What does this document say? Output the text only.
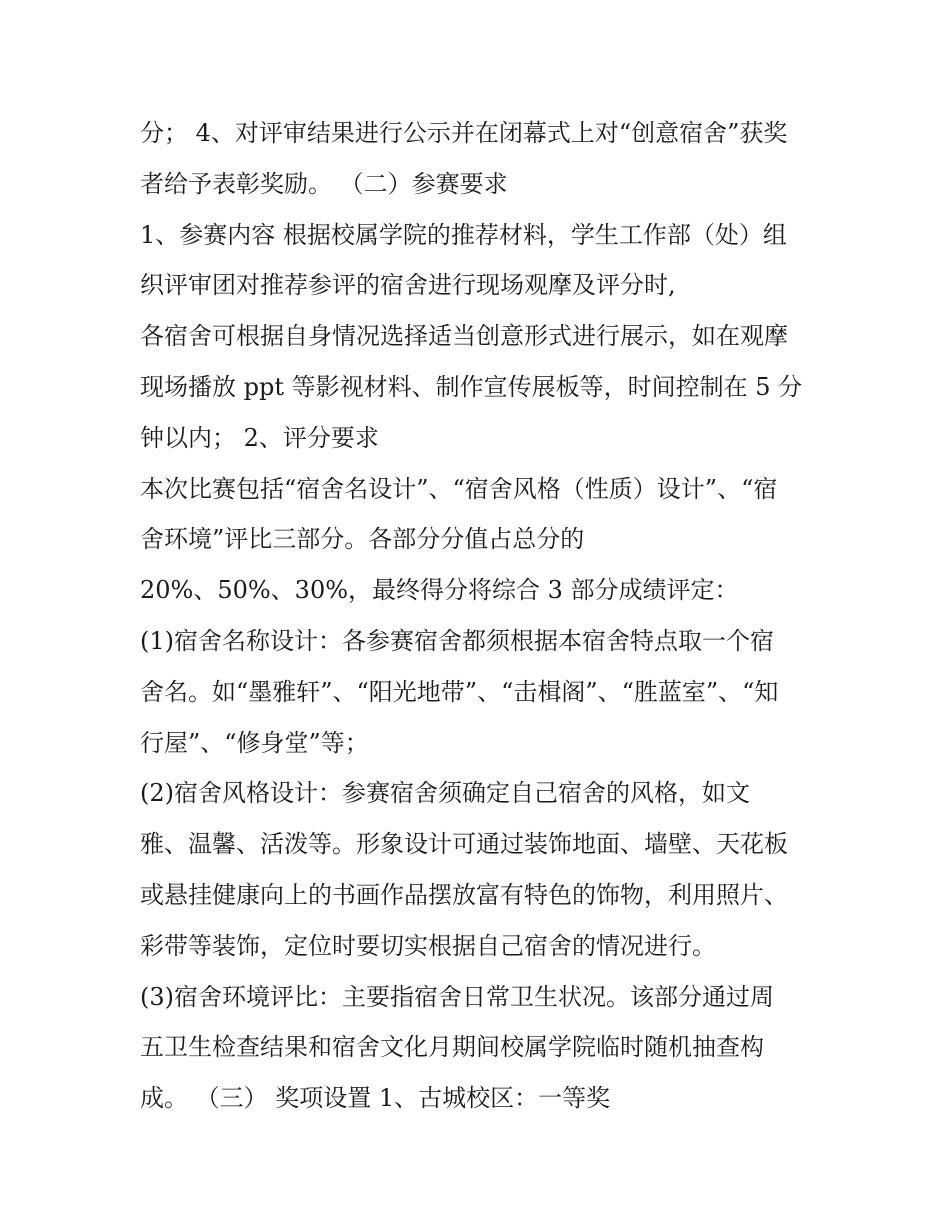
分； 4、对评审结果进行公示并在闭幕式上对“创意宿舍”获奖
者给予表彰奖励。 （二）参赛要求
1、参赛内容 根据校属学院的推荐材料，学生工作部（处）组
织评审团对推荐参评的宿舍进行现场观摩及评分时,
各宿舍可根据自身情况选择适当创意形式进行展示，如在观摩
现场播放 ppt 等影视材料、制作宣传展板等，时间控制在 5 分
钟以内； 2、评分要求
本次比赛包括“宿舍名设计”、“宿舍风格（性质）设计”、“宿
舍环境”评比三部分。各部分分值占总分的
20%、50%、30%，最终得分将综合 3 部分成绩评定：
(1)宿舍名称设计：各参赛宿舍都须根据本宿舍特点取一个宿
舍名。如“墨雅轩”、“阳光地带”、“击楫阁”、“胜蓝室”、“知
行屋”、“修身堂”等；
(2)宿舍风格设计：参赛宿舍须确定自己宿舍的风格，如文
雅、温馨、活泼等。形象设计可通过装饰地面、墙壁、天花板
或悬挂健康向上的书画作品摆放富有特色的饰物，利用照片、
彩带等装饰，定位时要切实根据自己宿舍的情况进行。
(3)宿舍环境评比：主要指宿舍日常卫生状况。该部分通过周
五卫生检查结果和宿舍文化月期间校属学院临时随机抽查构
成。 （三） 奖项设置 1、古城校区：一等奖
